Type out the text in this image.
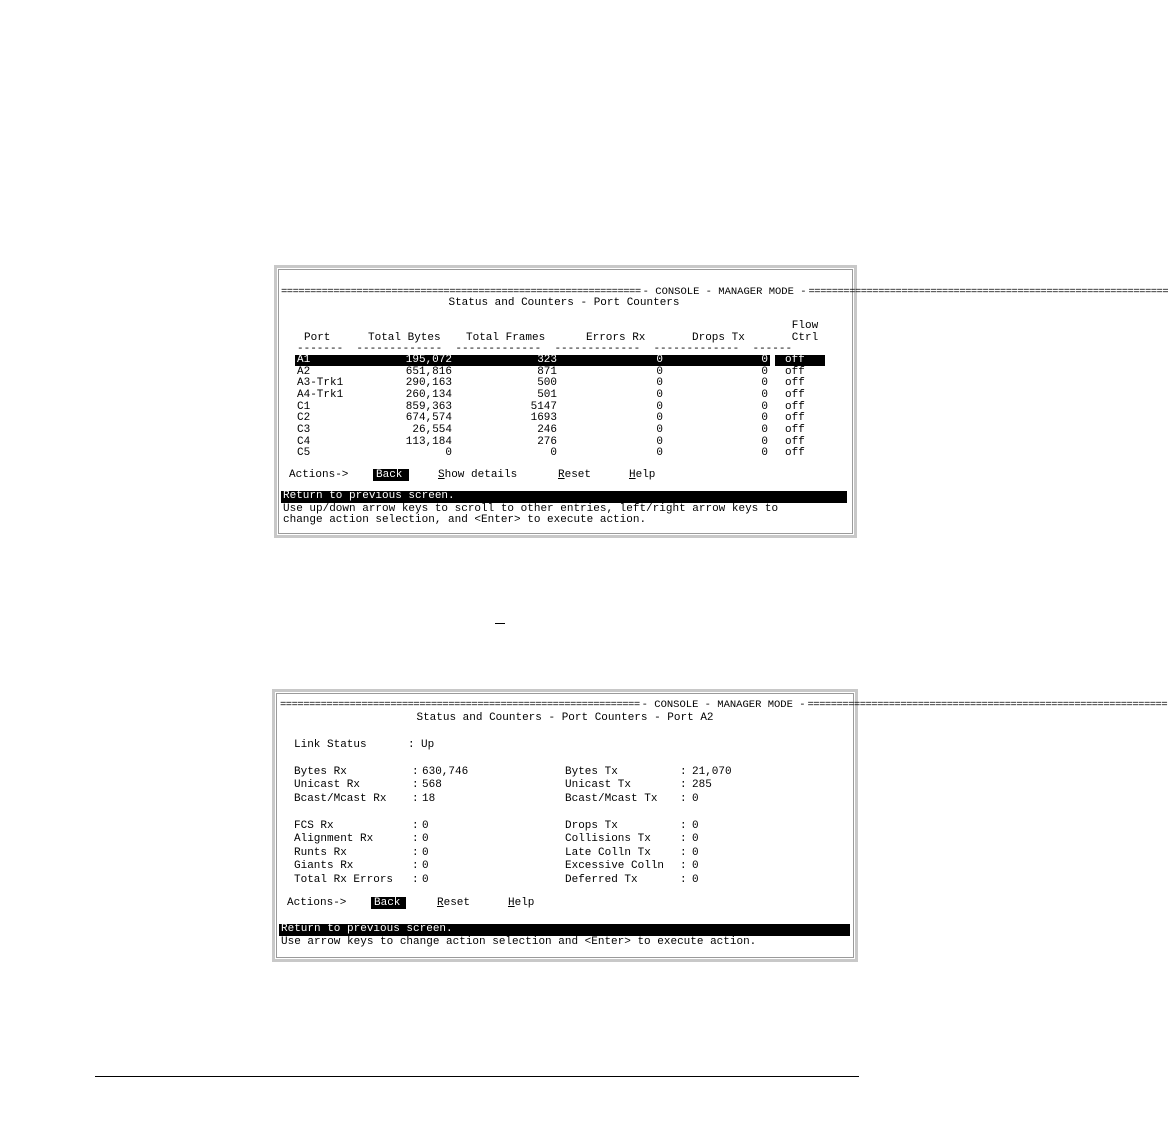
============================================================== - CONSOLE - MANAGER MODE - ==============================================================
Status and Counters - Port Counters
Flow
Port	Total Bytes Total Frames	Errors Rx	Drops Tx	Ctrl
-------  -------------  -------------  -------------  -------------  ------
A1	195,072	323	0	0 off
A2	651,816	871	0	0 off
A3-Trk1	290,163	500	0	0 off
A4-Trk1	260,134	501	0	0 off
C1	859,363	5147	0	0 off
C2	674,574	1693	0	0 off
C3	26,554	246	0	0 off
C4	113,184	276	0	0 off
C5	0	0	0	0 off
Actions->	Back	Show details	Reset	Help
Return to previous screen.
Use up/down arrow keys to scroll to other entries, left/right arrow keys to
change action selection, and <Enter> to execute action.
============================================================== - CONSOLE - MANAGER MODE - ==============================================================
Status and Counters - Port Counters - Port A2
Link Status	: Up
Bytes Rx	: 630,746
Unicast Rx	: 568
Bcast/Mcast Rx : 18
FCS Rx	: 0
Alignment Rx	: 0
Runts Rx	: 0
Giants Rx	: 0
Total Rx Errors : 0
Bytes Tx	: 21,070
Unicast Tx	: 285
Bcast/Mcast Tx : 0
Drops Tx	: 0
Collisions Tx	: 0
Late Colln Tx	: 0
Excessive Colln : 0
Deferred Tx	: 0
Actions->	Back	Reset	Help
Return to previous screen.
Use arrow keys to change action selection and <Enter> to execute action.
